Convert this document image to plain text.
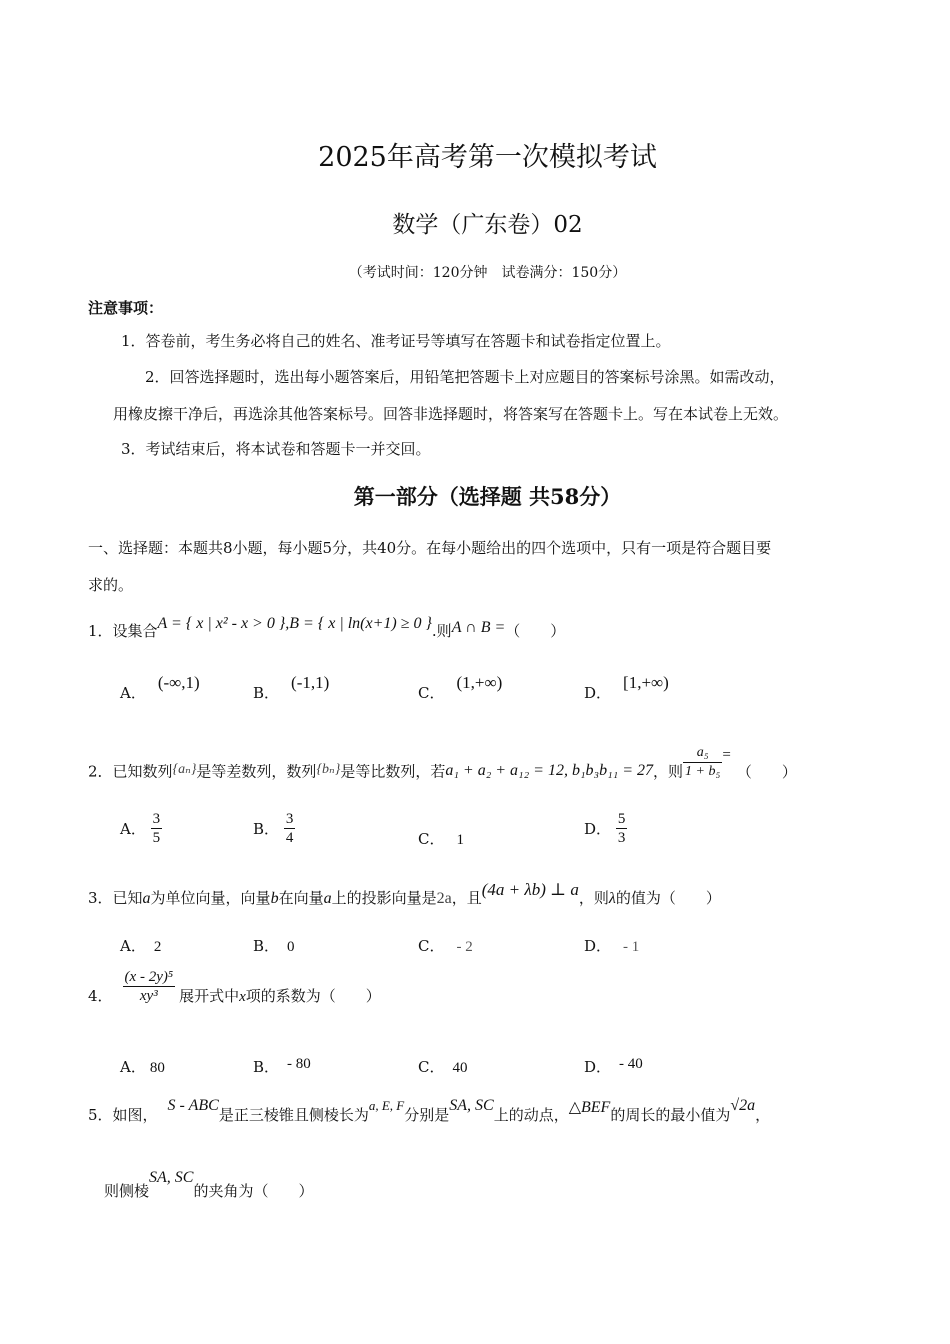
2025年高考第一次模拟考试
数学（广东卷）02
（考试时间：120分钟　试卷满分：150分）
注意事项：
1．答卷前，考生务必将自己的姓名、准考证号等填写在答题卡和试卷指定位置上。
2．回答选择题时，选出每小题答案后，用铅笔把答题卡上对应题目的答案标号涂黑。如需改动，
用橡皮擦干净后，再选涂其他答案标号。回答非选择题时，将答案写在答题卡上。写在本试卷上无效。
3．考试结束后，将本试卷和答题卡一并交回。
第一部分（选择题 共58分）
一、选择题：本题共8小题，每小题5分，共40分。在每小题给出的四个选项中，只有一项是符合题目要
求的。
1．设集合A = { x | x² - x > 0 },B = { x | ln(x+1) ≥ 0 }.则A ∩ B =（　　）
A．(-∞,1)
B．(-1,1)
C．(1,+∞)
D．[1,+∞)
2．已知数列{aₙ}是等差数列，数列{bₙ}是等比数列，若a₁ + a₂ + a₁₂ = 12, b₁b₃b₁₁ = 27，则 $\frac{\text{a₅}}{\text{1 + b₅}}$ =（　　）
A． $\frac{3}{5}$	B． $\frac{3}{4}$	C． 1
D． $\frac{5}{3}$
3．已知a为单位向量，向量b在向量a上的投影向量是2a，且(4a + λb) ⊥ a，则λ的值为（　　）
A． 2	B． 0	C． - 2	D． - 1
4． $\frac{\text{(x - 2y)⁵}}{\text{xy³}}$ 展开式中x项的系数为（　　）
A． 80	B． - 80	C． 40	D． - 40
5．如图，S - ABC是正三棱锥且侧棱长为a, E, F分别是SA, SC上的动点，△BEF的周长的最小值为√2a，
则侧棱SA, SC的夹角为（　　）
